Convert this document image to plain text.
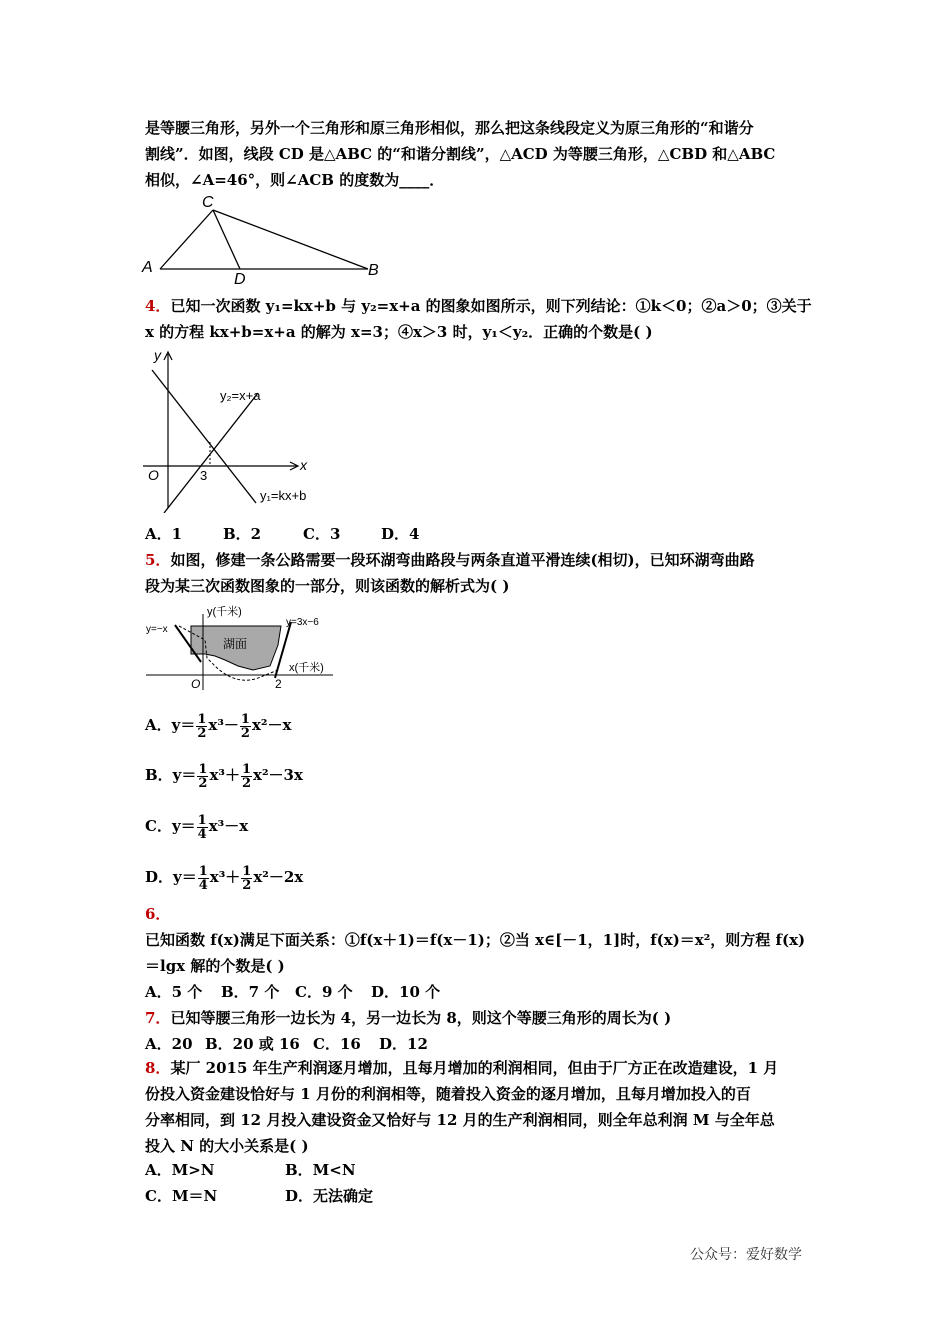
是等腰三角形，另外一个三角形和原三角形相似，那么把这条线段定义为原三角形的“和谐分
割线”．如图，线段 CD 是△ABC 的“和谐分割线”，△ACD 为等腰三角形，△CBD 和△ABC
相似，∠A=46°，则∠ACB 的度数为____．
C
A
D
B
4．已知一次函数 y₁=kx+b 与 y₂=x+a 的图象如图所示，则下列结论：①k＜0；②a＞0；③关于
x 的方程 kx+b=x+a 的解为 x=3；④x＞3 时，y₁＜y₂．正确的个数是( )
y
x
O	3
y₂=x+a
y₁=kx+b
A．1	B．2	C．3	D．4
5．如图，修建一条公路需要一段环湖弯曲路段与两条直道平滑连续(相切)，已知环湖弯曲路
段为某三次函数图象的一部分，则该函数的解析式为( )
y(千米)
x(千米)
y=−x
y=3x−6
湖面
O	2
A．$y= \frac{1}{2} x^3- \frac{1}{2} x^2-x$
B．$y= \frac{1}{2} x^3+ \frac{1}{2} x^2-3x$
C．$y= \frac{1}{4} x^3-x$
D．$y= \frac{1}{4} x^3+ \frac{1}{2} x^2-2x$
6．
已知函数 f(x)满足下面关系：①f(x＋1)＝f(x－1)；②当 x∈[－1，1]时，f(x)＝x²，则方程 f(x)
＝lgx 解的个数是( )
A．5 个 B．7 个 C．9 个 D．10 个
7．已知等腰三角形一边长为 4，另一边长为 8，则这个等腰三角形的周长为( )
A．20 B．20 或 16 C．16 D．12
8．某厂 2015 年生产利润逐月增加，且每月增加的利润相同，但由于厂方正在改造建设，1 月
份投入资金建设恰好与 1 月份的利润相等，随着投入资金的逐月增加，且每月增加投入的百
分率相同，到 12 月投入建设资金又恰好与 12 月的生产利润相同，则全年总利润 M 与全年总
投入 N 的大小关系是( )
A．M>N	B．M<N
C．M＝N	D．无法确定
公众号：爱好数学
